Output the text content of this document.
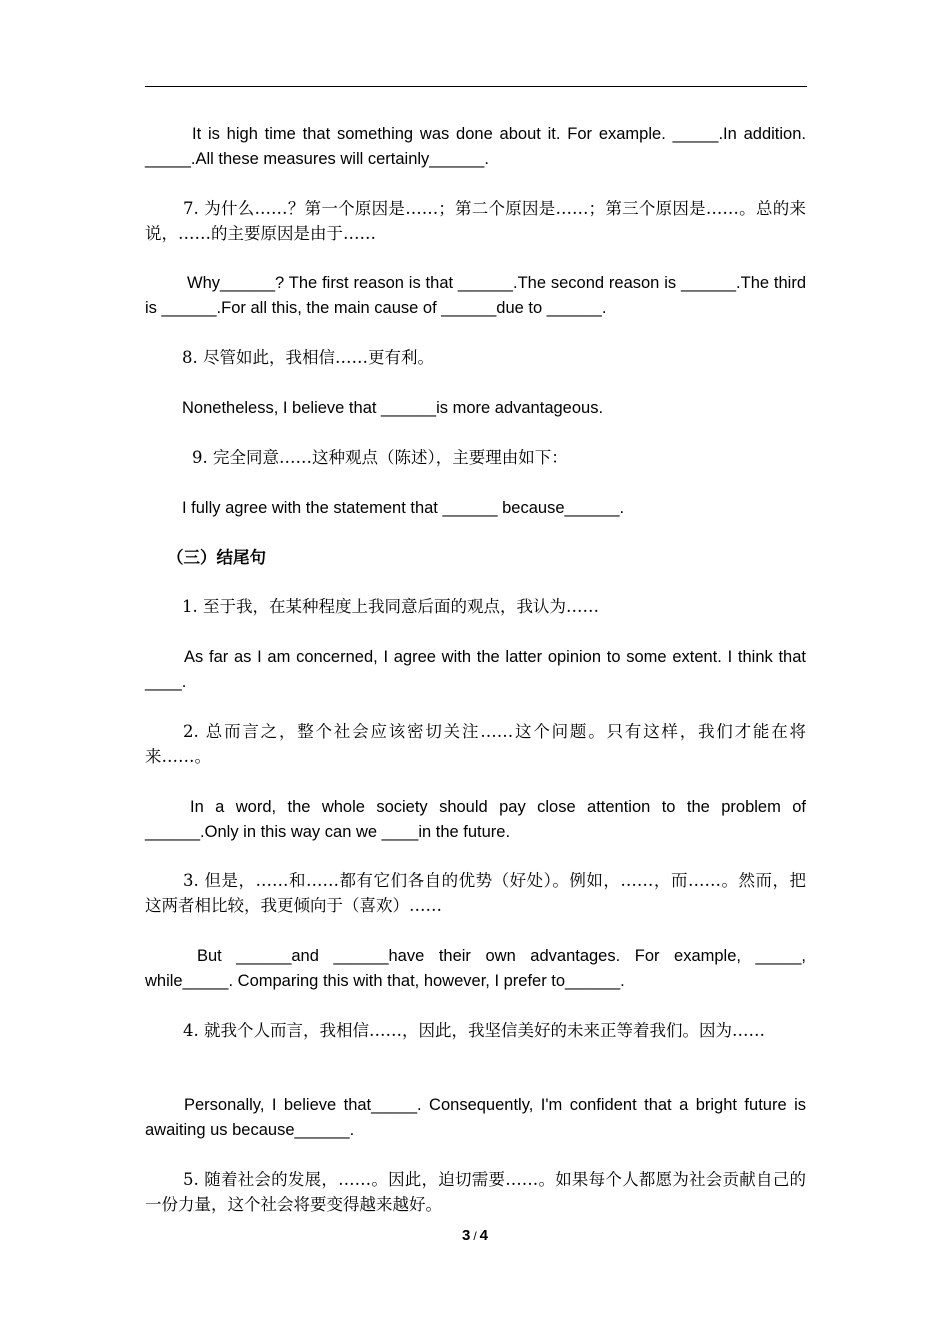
It is high time that something was done about it. For example. _____.In addition. _____.All these measures will certainly______.

7. 为什么……？第一个原因是……；第二个原因是……；第三个原因是……。总的来说，……的主要原因是由于……

Why______? The first reason is that ______.The second reason is ______.The third is ______.For all this, the main cause of ______due to ______.

8. 尽管如此，我相信……更有利。

Nonetheless, I believe that ______is more advantageous.

9. 完全同意……这种观点（陈述），主要理由如下：

I fully agree with the statement that ______ because______.

（三）结尾句

1. 至于我，在某种程度上我同意后面的观点，我认为……

As far as I am concerned, I agree with the latter opinion to some extent. I think that ____.

2. 总而言之，整个社会应该密切关注……这个问题。只有这样，我们才能在将来……。

In a word, the whole society should pay close attention to the problem of ______.Only in this way can we ____in the future.

3. 但是，……和……都有它们各自的优势（好处）。例如，……，而……。然而，把这两者相比较，我更倾向于（喜欢）……

But ______and ______have their own advantages. For example, _____, while_____. Comparing this with that, however, I prefer to______.

4. 就我个人而言，我相信……，因此，我坚信美好的未来正等着我们。因为……

Personally, I believe that_____. Consequently, I'm confident that a bright future is awaiting us because______.

5. 随着社会的发展，……。因此，迫切需要……。如果每个人都愿为社会贡献自己的一份力量，这个社会将要变得越来越好。

3 / 4
